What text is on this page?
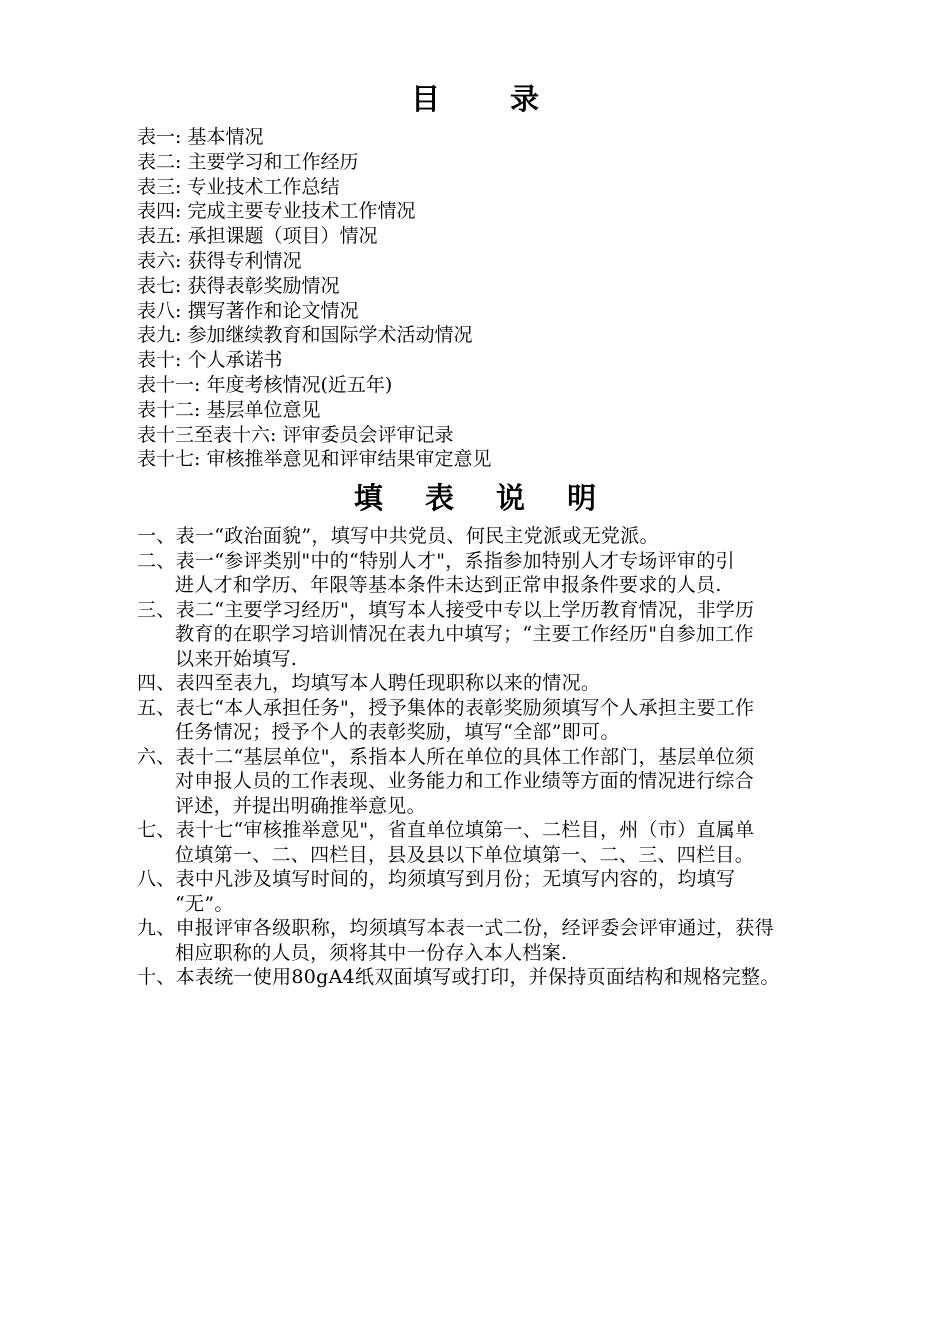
目 录
表一: 基本情况
表二: 主要学习和工作经历
表三: 专业技术工作总结
表四: 完成主要专业技术工作情况
表五: 承担课题（项目）情况
表六: 获得专利情况
表七: 获得表彰奖励情况
表八: 撰写著作和论文情况
表九: 参加继续教育和国际学术活动情况
表十: 个人承诺书
表十一: 年度考核情况(近五年)
表十二: 基层单位意见
表十三至表十六: 评审委员会评审记录
表十七: 审核推举意见和评审结果审定意见
填 表 说 明
一、表一“政治面貌”，填写中共党员、何民主党派或无党派。
二、表一“参评类别"中的“特别人才"，系指参加特别人才专场评审的引
进人才和学历、年限等基本条件未达到正常申报条件要求的人员.
三、表二“主要学习经历"，填写本人接受中专以上学历教育情况，非学历
教育的在职学习培训情况在表九中填写；“主要工作经历"自参加工作
以来开始填写.
四、表四至表九，均填写本人聘任现职称以来的情况。
五、表七“本人承担任务"，授予集体的表彰奖励须填写个人承担主要工作
任务情况；授予个人的表彰奖励，填写“全部”即可。
六、表十二“基层单位"，系指本人所在单位的具体工作部门，基层单位须
对申报人员的工作表现、业务能力和工作业绩等方面的情况进行综合
评述，并提出明确推举意见。
七、表十七“审核推举意见"，省直单位填第一、二栏目，州（市）直属单
位填第一、二、四栏目，县及县以下单位填第一、二、三、四栏目。
八、表中凡涉及填写时间的，均须填写到月份；无填写内容的，均填写
“无”。
九、申报评审各级职称，均须填写本表一式二份，经评委会评审通过，获得
相应职称的人员，须将其中一份存入本人档案.
十、本表统一使用80gA4纸双面填写或打印，并保持页面结构和规格完整。
